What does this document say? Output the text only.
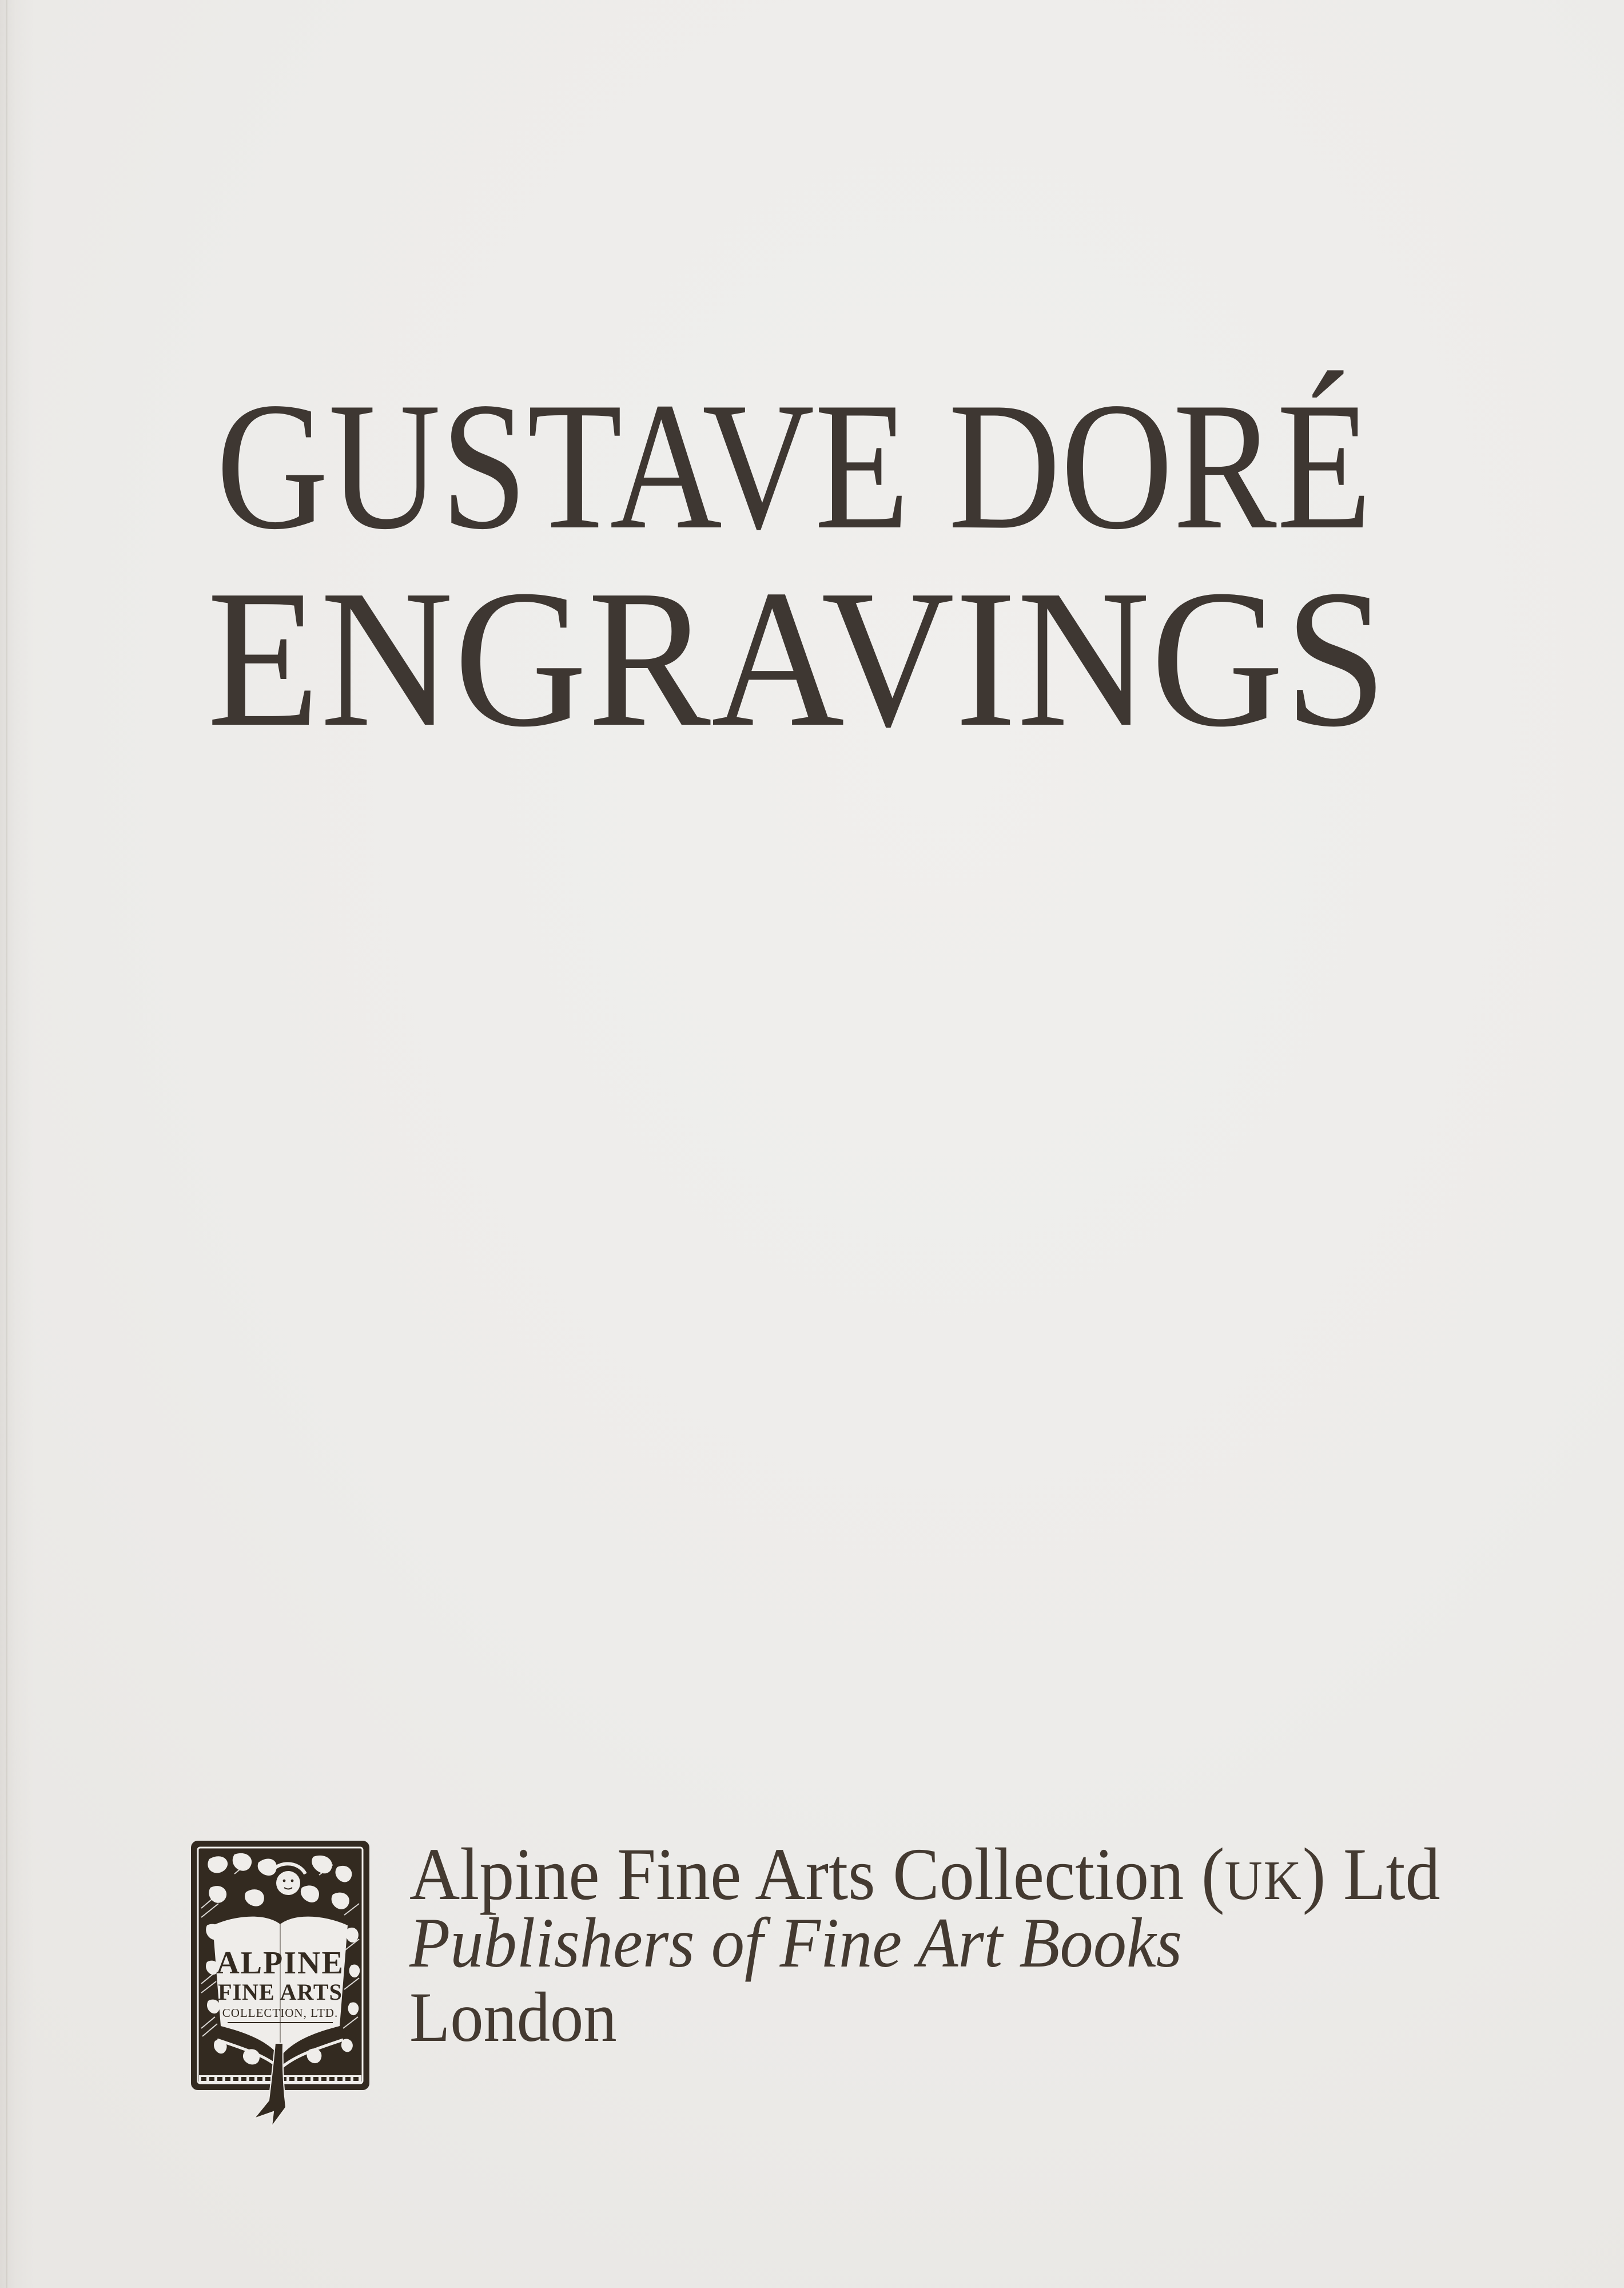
GUSTAVE DORÉ
ENGRAVINGS
ALPINE
FINE ARTS
COLLECTION, LTD.
Alpine Fine Arts Collection (UK) Ltd
Publishers of Fine Art Books
London
